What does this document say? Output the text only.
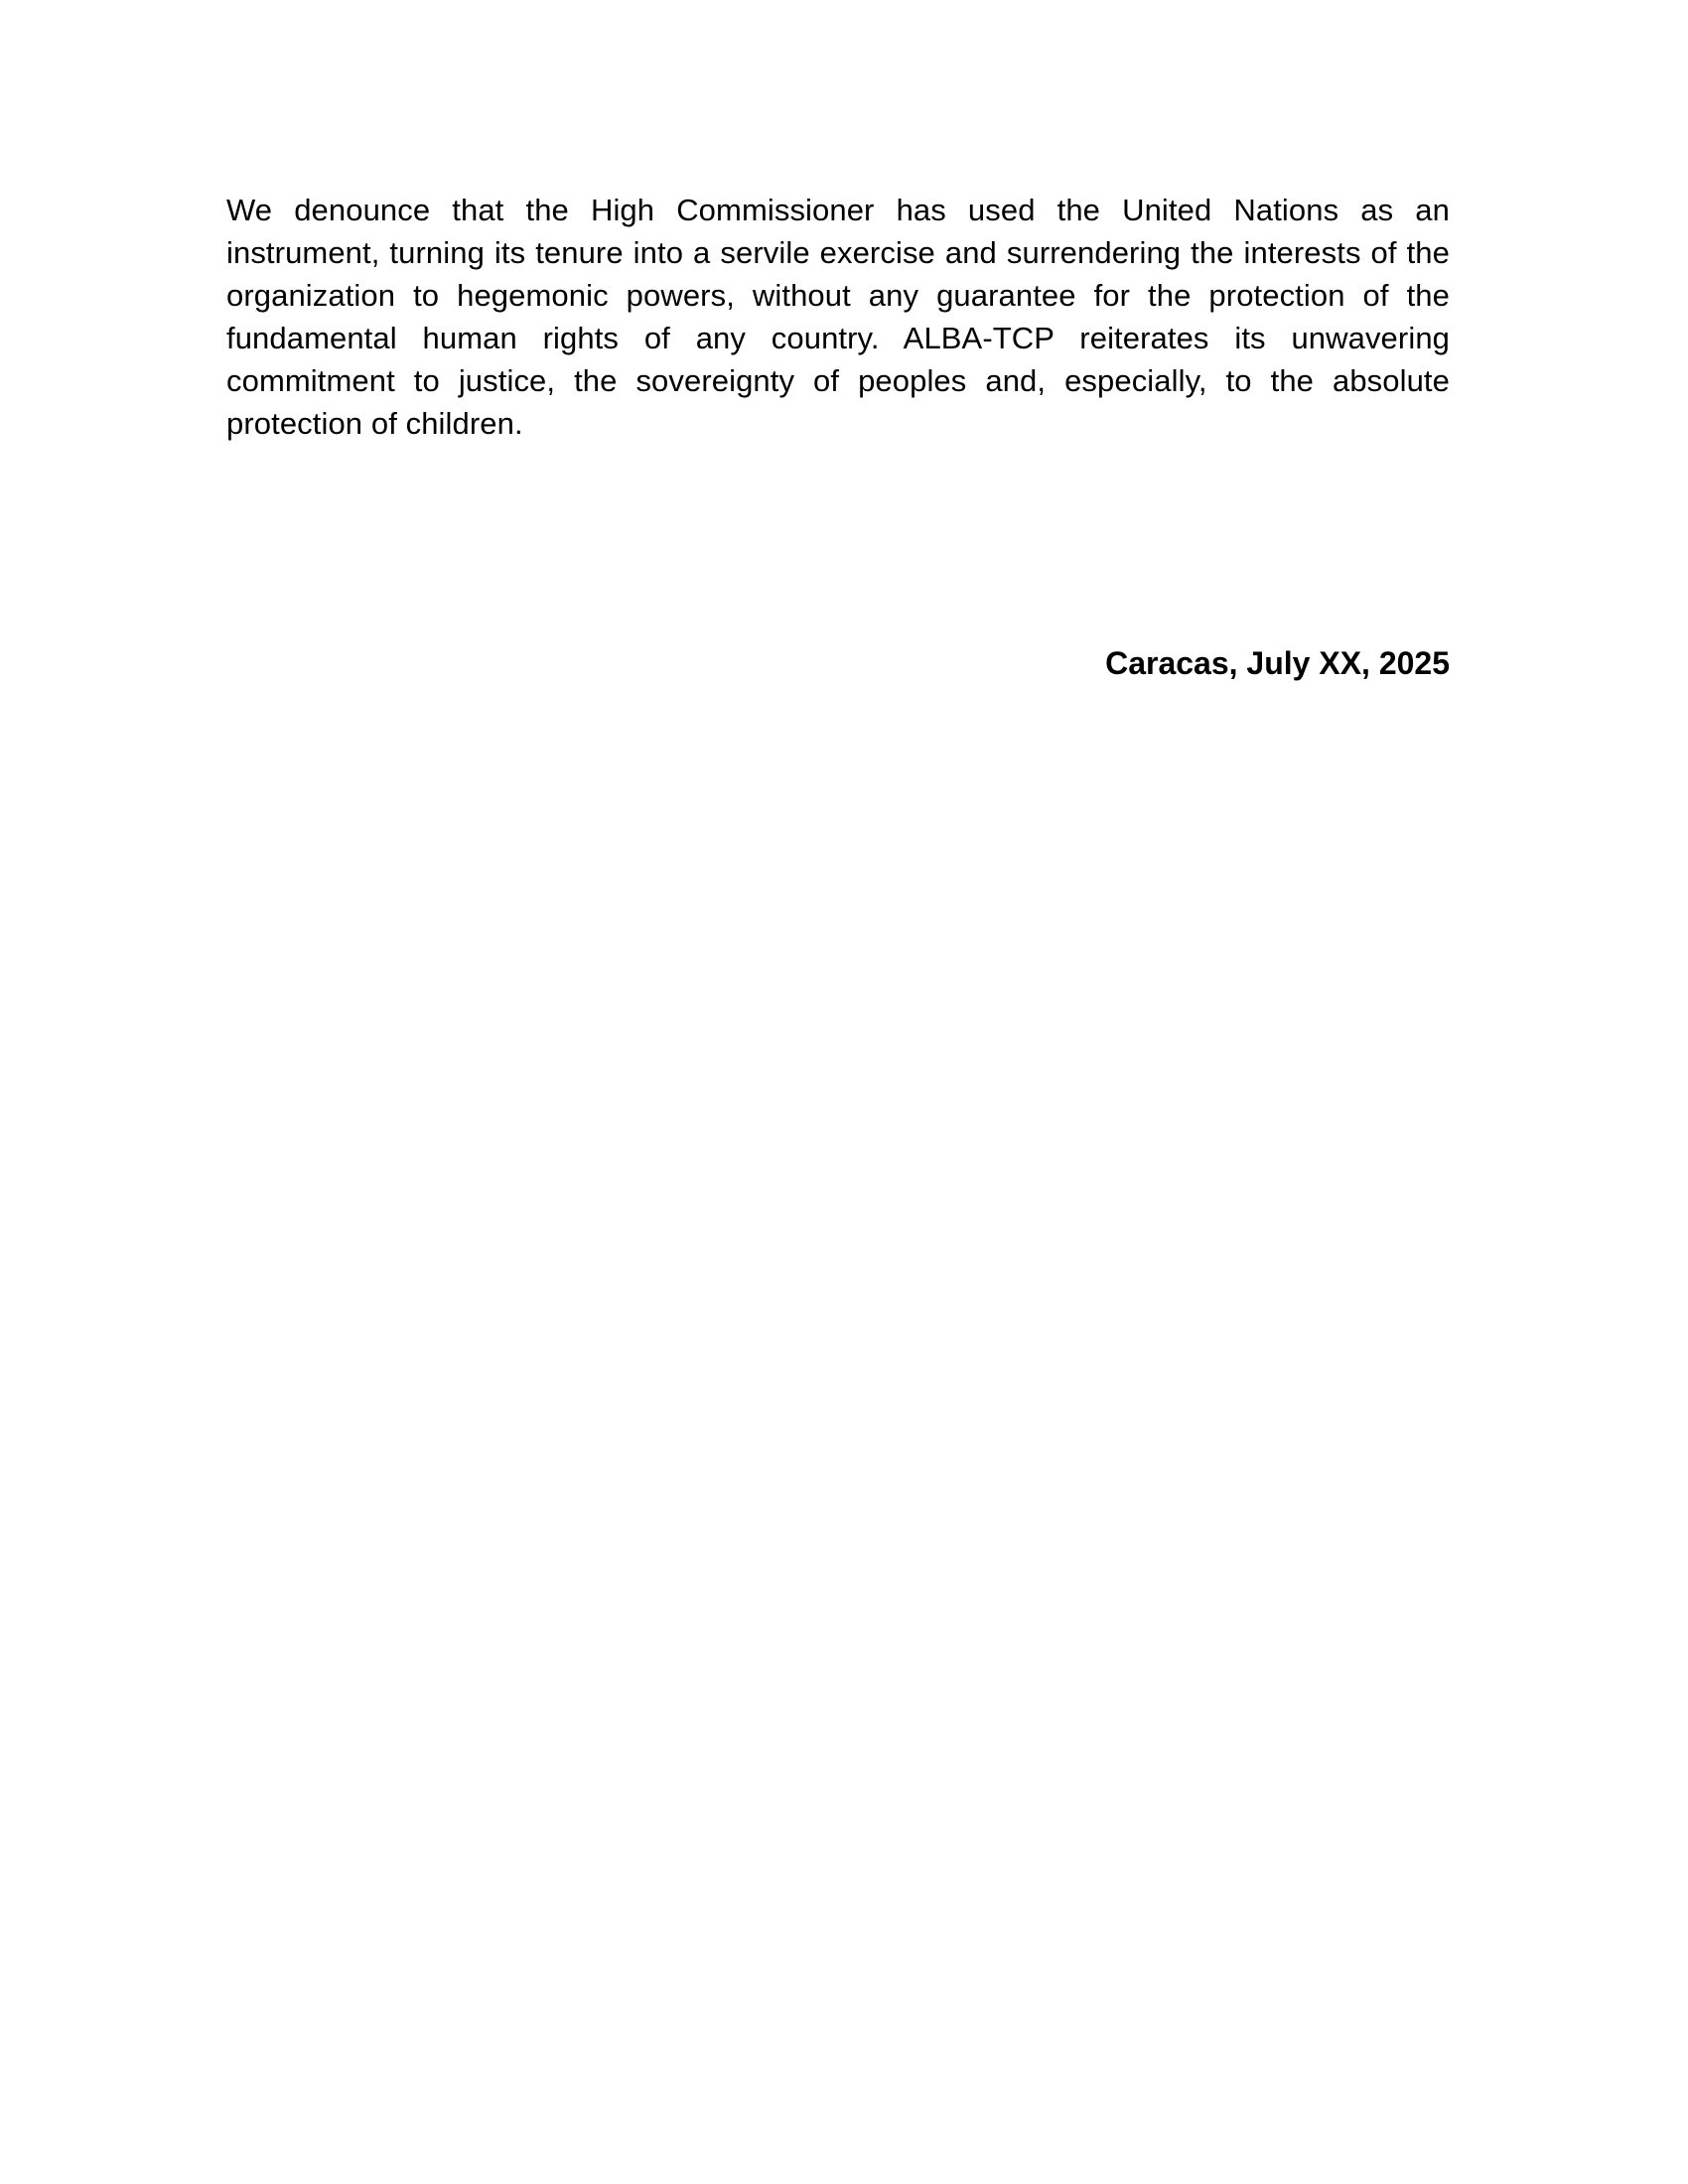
We denounce that the High Commissioner has used the United Nations as an instrument, turning its tenure into a servile exercise and surrendering the interests of the organization to hegemonic powers, without any guarantee for the protection of the fundamental human rights of any country. ALBA-TCP reiterates its unwavering commitment to justice, the sovereignty of peoples and, especially, to the absolute protection of children.

Caracas, July XX, 2025
